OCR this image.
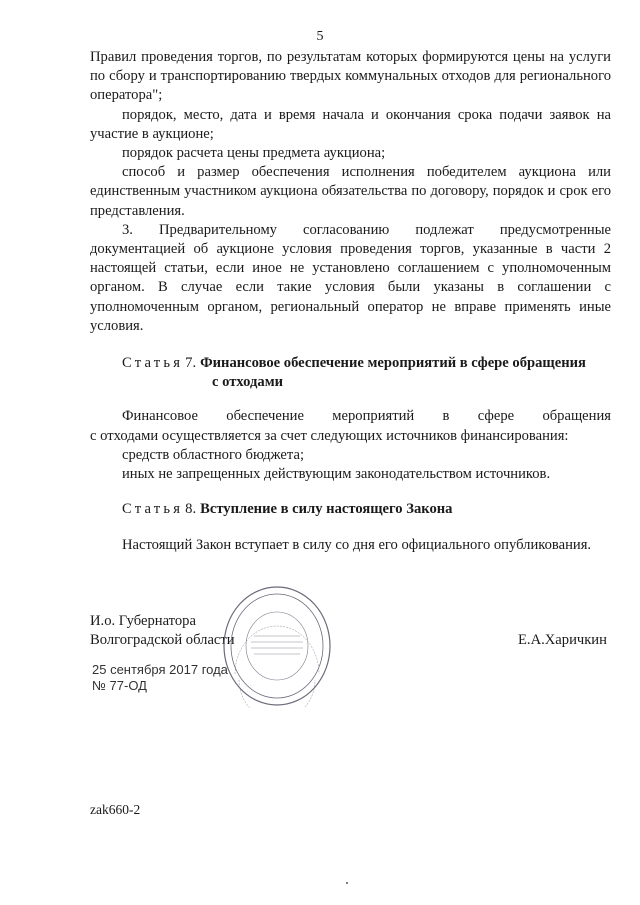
5

Правил проведения торгов, по результатам которых формируются цены на услуги по сбору и транспортированию твердых коммунальных отходов для регионального оператора";

порядок, место, дата и время начала и окончания срока подачи заявок на участие в аукционе;

порядок расчета цены предмета аукциона;

способ и размер обеспечения исполнения победителем аукциона или единственным участником аукциона обязательства по договору, порядок и срок его представления.

3. Предварительному согласованию подлежат предусмотренные документацией об аукционе условия проведения торгов, указанные в части 2 настоящей статьи, если иное не установлено соглашением с уполномоченным органом. В случае если такие условия были указаны в соглашении с уполномоченным органом, региональный оператор не вправе применять иные условия.

Статья 7. Финансовое обеспечение мероприятий в сфере обращения
с отходами

Финансовое обеспечение мероприятий в сфере обращения

с отходами осуществляется за счет следующих источников финансирования:

средств областного бюджета;

иных не запрещенных действующим законодательством источников.

Статья 8. Вступление в силу настоящего Закона

Настоящий Закон вступает в силу со дня его официального опубликования.

И.о. Губернатора
Волгоградской области	Е.А.Харичкин
25 сентября 2017 года
№ 77-ОД
zak660-2
